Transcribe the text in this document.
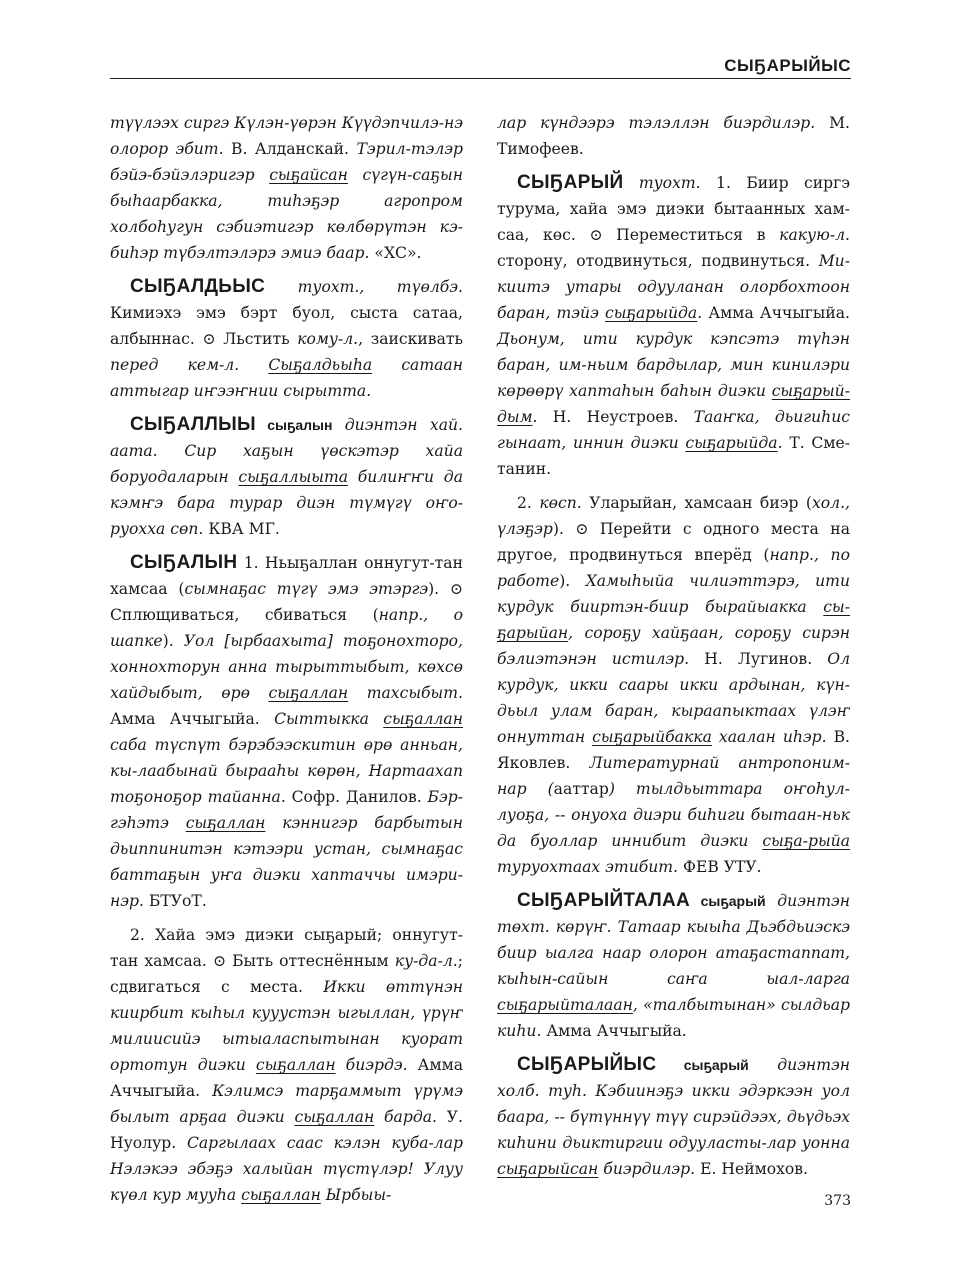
СЫҔАРЫЙЫС

түүлээх сиргэ Күлэн-үөрэн Күүдэпчилэ-нэ олорор эбит. В. Алданскай. Тэрил-тэлэр бэйэ-бэйэлэригэр сыҕайсан сүгүн-саҕын быһаарбакка, тиһэҕэр агропром холбоһугун сэбиэтигэр көлбөрүтэн кэ-биһэр түбэлтэлэрэ эмиэ баар. «ХС».

СЫҔАЛДЬЫС туохт., түөлбэ. Кимиэхэ эмэ бэрт буол, сыста сатаа, албыннас. ⊙ Льстить кому-л., заискивать перед кем-л. Сыҕалдьыһа сатаан аттыгар иҥээҥнии сырытта.

СЫҔАЛЛЫЫ сыҕалын диэнтэн хай. аата. Сир хаҕын үөскэтэр хайа боруодаларын сыҕаллыыта билиҥҥи да кэмҥэ бара турар диэн түмүгү оҥо-руохха сөп. КВА МГ.

СЫҔАЛЫН 1. Ньыҕаллан оннугут-тан хамсаа (сымнаҕас түгү эмэ этэргэ). ⊙ Сплющиваться, сбиваться (напр., о шапке). Уол [ырбаахыта] тоҕонохторо, хоннохторун анна тырыттыбыт, көхсө хайдыбыт, өрө сыҕаллан тахсыбыт. Амма Аччыгыйа. Сыттыкка сыҕаллан саба түспүт бэрэбээскитин өрө анньан, кы-лаабынай бырааһы көрөн, Нартаахап тоҕоноҕор тайанна. Софр. Данилов. Бэр-гэһэтэ сыҕаллан кэннигэр барбытын дьиппинитэн кэтээри устан, сымнаҕас баттаҕын уҥа диэки хаптаччы имэри-нэр. БТУоТ.

2. Хайа эмэ диэки сыҕарый; оннугут-тан хамсаа. ⊙ Быть оттеснённым ку-да-л.; сдвигаться с места. Икки өттүнэн киирбит кыһыл кууустэн ыгыллан, үрүҥ милиисийэ ытыаласпытынан куорат ортотун диэки сыҕаллан биэрдэ. Амма Аччыгыйа. Кэлимсэ тарҕаммыт үрүмэ былыт арҕаа диэки сыҕаллан барда. У. Нуолур. Саргылаах саас кэлэн куба-лар Нэлэкээ эбэҕэ халыйан түстүлэр! Улуу күөл кур мууһа сыҕаллан Ырбыы-

лар күндээрэ тэлэллэн биэрдилэр. М. Тимофеев.

СЫҔАРЫЙ туохт. 1. Биир сиргэ турума, хайа эмэ диэки бытаанных хам-саа, көс. ⊙ Переместиться в какую-л. сторону, отодвинуться, подвинуться. Ми-киитэ утары одууланан олорбохтоон баран, тэйэ сыҕарыйда. Амма Аччыгыйа. Дьонум, ити курдук кэпсэтэ түһэн баран, им-ньим бардылар, мин кинилэри көрөөрү хаптаһын баһын диэки сыҕарый-дым. Н. Неустроев. Тааҥка, дьигиһис гынаат, иннин диэки сыҕарыйда. Т. Сме-танин.

2. көсп. Уларыйан, хамсаан биэр (хол., үлэҕэр). ⊙ Перейти с одного места на другое, продвинуться вперёд (напр., по работе). Хамыһыйа чилиэттэрэ, ити курдук бииртэн-биир бырайыакка сы-ҕарыйан, сороҕу хайҕаан, сороҕу сирэн бэлиэтэнэн истилэр. Н. Лугинов. Ол курдук, икки саары икки ардынан, күн-дьыл улам баран, кыраапыктаах үлэҥ оннуттан сыҕарыйбакка хаалан иһэр. В. Яковлев. Литературнай антропоним-нар (ааттар) тылдьыттара оҥоһул-луоҕа, -- онуоха диэри биһиги бытаан-ньк да буоллар иннибит диэки сыҕа-рыйа туруохтаах этибит. ФЕВ УТУ.

СЫҔАРЫЙТАЛАА сыҕарый диэнтэн төхт. көрүҥ. Татаар кыыһа Дьэбдьиэскэ биир ыалга наар олорон атаҕастаппат, кыһын-сайын саҥа ыал-ларга сыҕарыйталаан, «талбытынан» сылдьар киһи. Амма Аччыгыйа.

СЫҔАРЫЙЫС сыҕарый диэнтэн холб. туһ. Кэбиинэҕэ икки эдэркээн уол баара, -- бүтүннүү түү сирэйдээх, дьүдьэх киһини дьиктиргии одууласты-лар уонна сыҕарыйсан биэрдилэр. Е. Неймохов.

373
